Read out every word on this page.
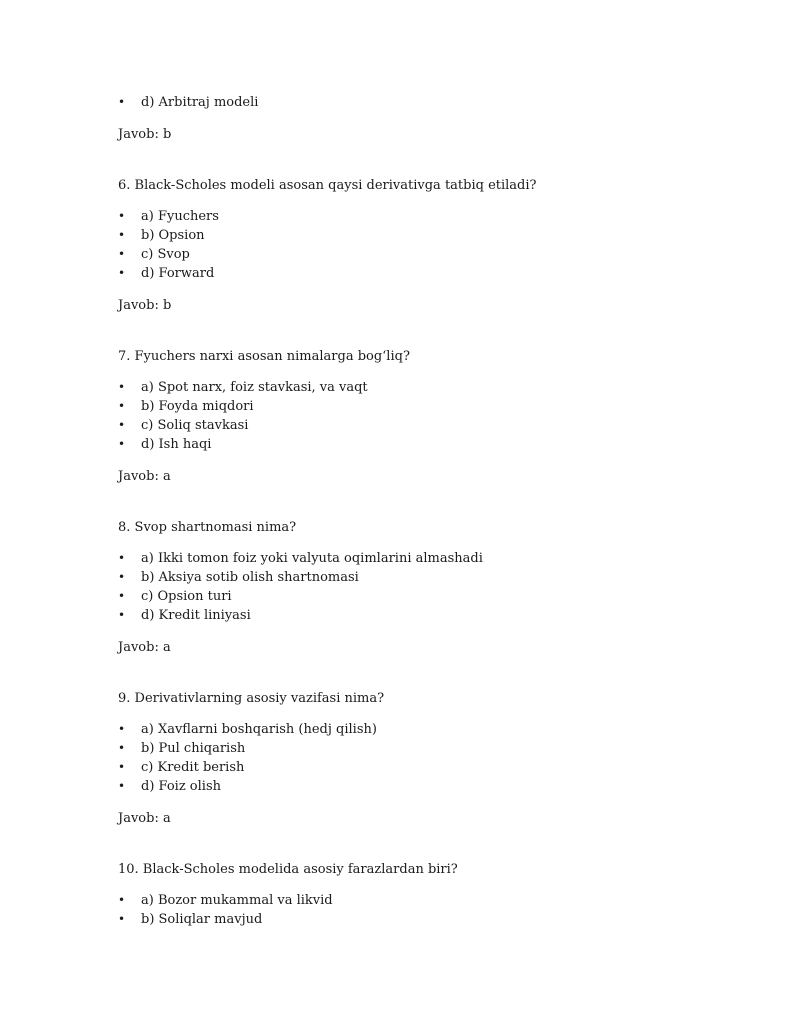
• d) Arbitraj modeli
Javob: b
6. Black-Scholes modeli asosan qaysi derivativga tatbiq etiladi?
• a) Fyuchers
• b) Opsion
• c) Svop
• d) Forward
Javob: b
7. Fyuchers narxi asosan nimalarga bog‘liq?
• a) Spot narx, foiz stavkasi, va vaqt
• b) Foyda miqdori
• c) Soliq stavkasi
• d) Ish haqi
Javob: a
8. Svop shartnomasi nima?
• a) Ikki tomon foiz yoki valyuta oqimlarini almashadi
• b) Aksiya sotib olish shartnomasi
• c) Opsion turi
• d) Kredit liniyasi
Javob: a
9. Derivativlarning asosiy vazifasi nima?
• a) Xavflarni boshqarish (hedj qilish)
• b) Pul chiqarish
• c) Kredit berish
• d) Foiz olish
Javob: a
10. Black-Scholes modelida asosiy farazlardan biri?
• a) Bozor mukammal va likvid
• b) Soliqlar mavjud
